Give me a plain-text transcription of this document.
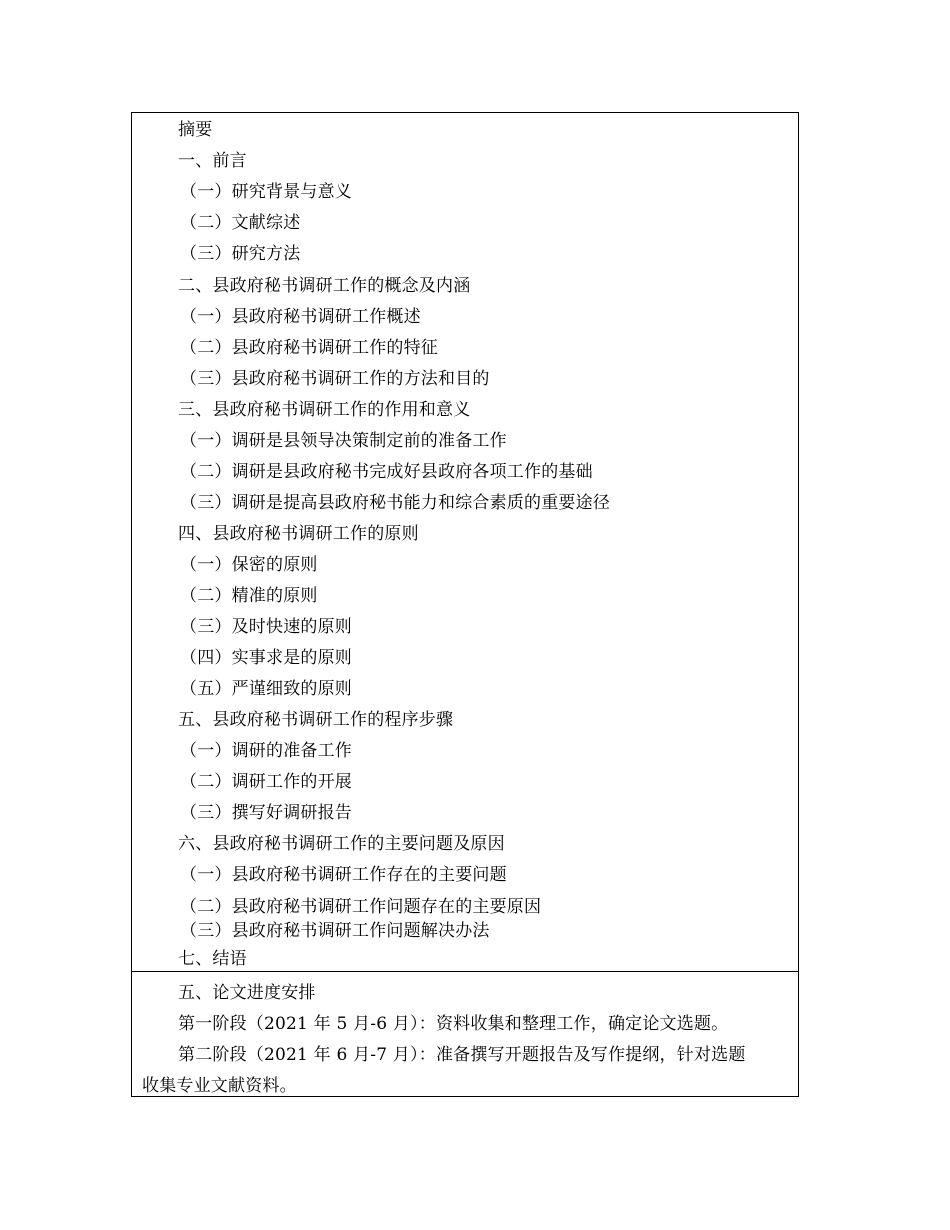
摘要
一、前言
（一）研究背景与意义
（二）文献综述
（三）研究方法
二、县政府秘书调研工作的概念及内涵
（一）县政府秘书调研工作概述
（二）县政府秘书调研工作的特征
（三）县政府秘书调研工作的方法和目的
三、县政府秘书调研工作的作用和意义
（一）调研是县领导决策制定前的准备工作
（二）调研是县政府秘书完成好县政府各项工作的基础
（三）调研是提高县政府秘书能力和综合素质的重要途径
四、县政府秘书调研工作的原则
（一）保密的原则
（二）精准的原则
（三）及时快速的原则
（四）实事求是的原则
（五）严谨细致的原则
五、县政府秘书调研工作的程序步骤
（一）调研的准备工作
（二）调研工作的开展
（三）撰写好调研报告
六、县政府秘书调研工作的主要问题及原因
（一）县政府秘书调研工作存在的主要问题
（二）县政府秘书调研工作问题存在的主要原因
（三）县政府秘书调研工作问题解决办法
七、结语
五、论文进度安排
第一阶段（2021 年 5 月-6 月）：资料收集和整理工作，确定论文选题。
第二阶段（2021 年 6 月-7 月）：准备撰写开题报告及写作提纲，针对选题
收集专业文献资料。
